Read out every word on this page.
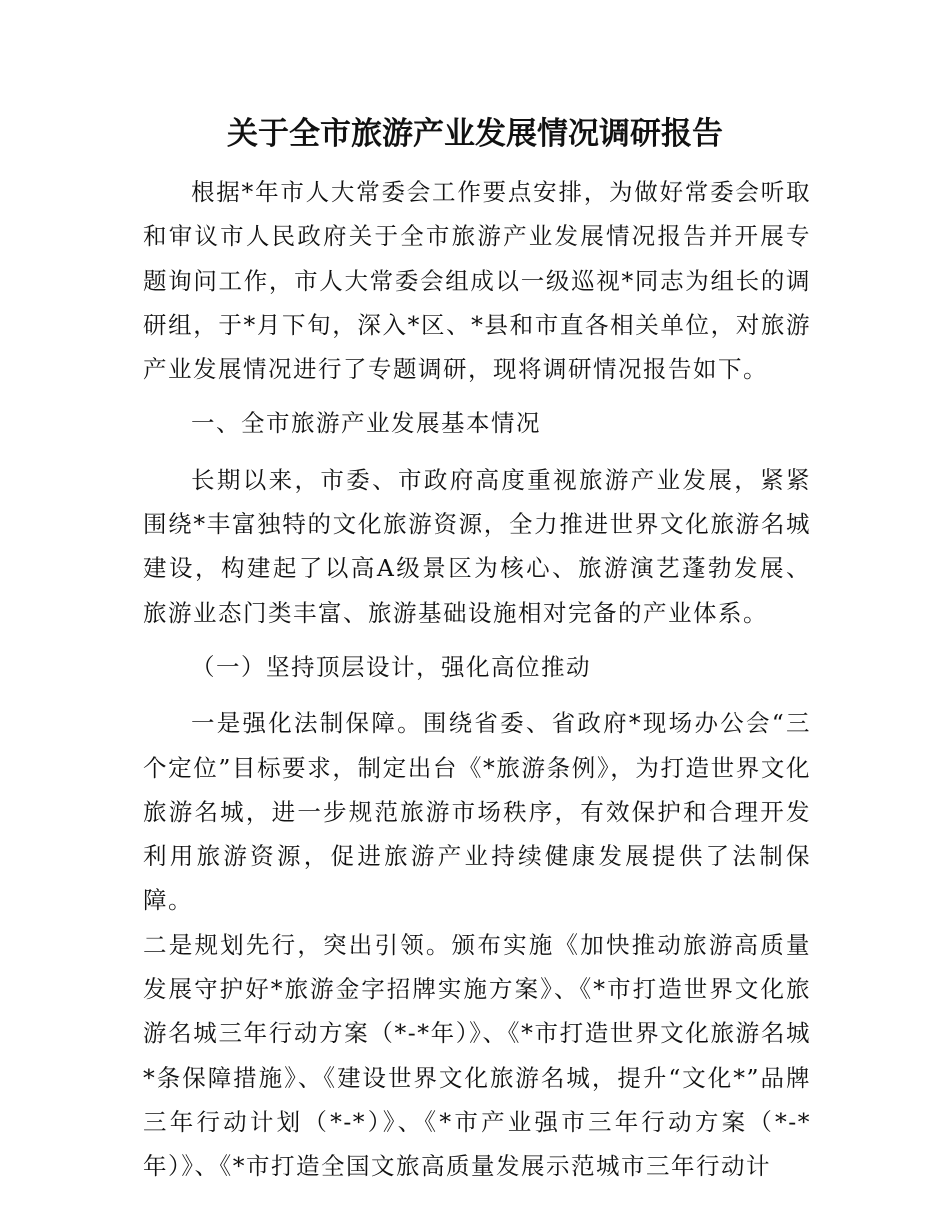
关于全市旅游产业发展情况调研报告

根据*年市人大常委会工作要点安排，为做好常委会听取和审议市人民政府关于全市旅游产业发展情况报告并开展专题询问工作，市人大常委会组成以一级巡视*同志为组长的调研组，于*月下旬，深入*区、*县和市直各相关单位，对旅游产业发展情况进行了专题调研，现将调研情况报告如下。

一、全市旅游产业发展基本情况

长期以来，市委、市政府高度重视旅游产业发展，紧紧围绕*丰富独特的文化旅游资源，全力推进世界文化旅游名城建设，构建起了以高A级景区为核心、旅游演艺蓬勃发展、旅游业态门类丰富、旅游基础设施相对完备的产业体系。

（一）坚持顶层设计，强化高位推动

一是强化法制保障。围绕省委、省政府*现场办公会“三个定位”目标要求，制定出台《*旅游条例》，为打造世界文化旅游名城，进一步规范旅游市场秩序，有效保护和合理开发利用旅游资源，促进旅游产业持续健康发展提供了法制保障。

二是规划先行，突出引领。颁布实施《加快推动旅游高质量发展守护好*旅游金字招牌实施方案》、《*市打造世界文化旅游名城三年行动方案（*-*年）》、《*市打造世界文化旅游名城*条保障措施》、《建设世界文化旅游名城，提升“文化*”品牌三年行动计划（*-*）》、《*市产业强市三年行动方案（*-*年）》、《*市打造全国文旅高质量发展示范城市三年行动计
